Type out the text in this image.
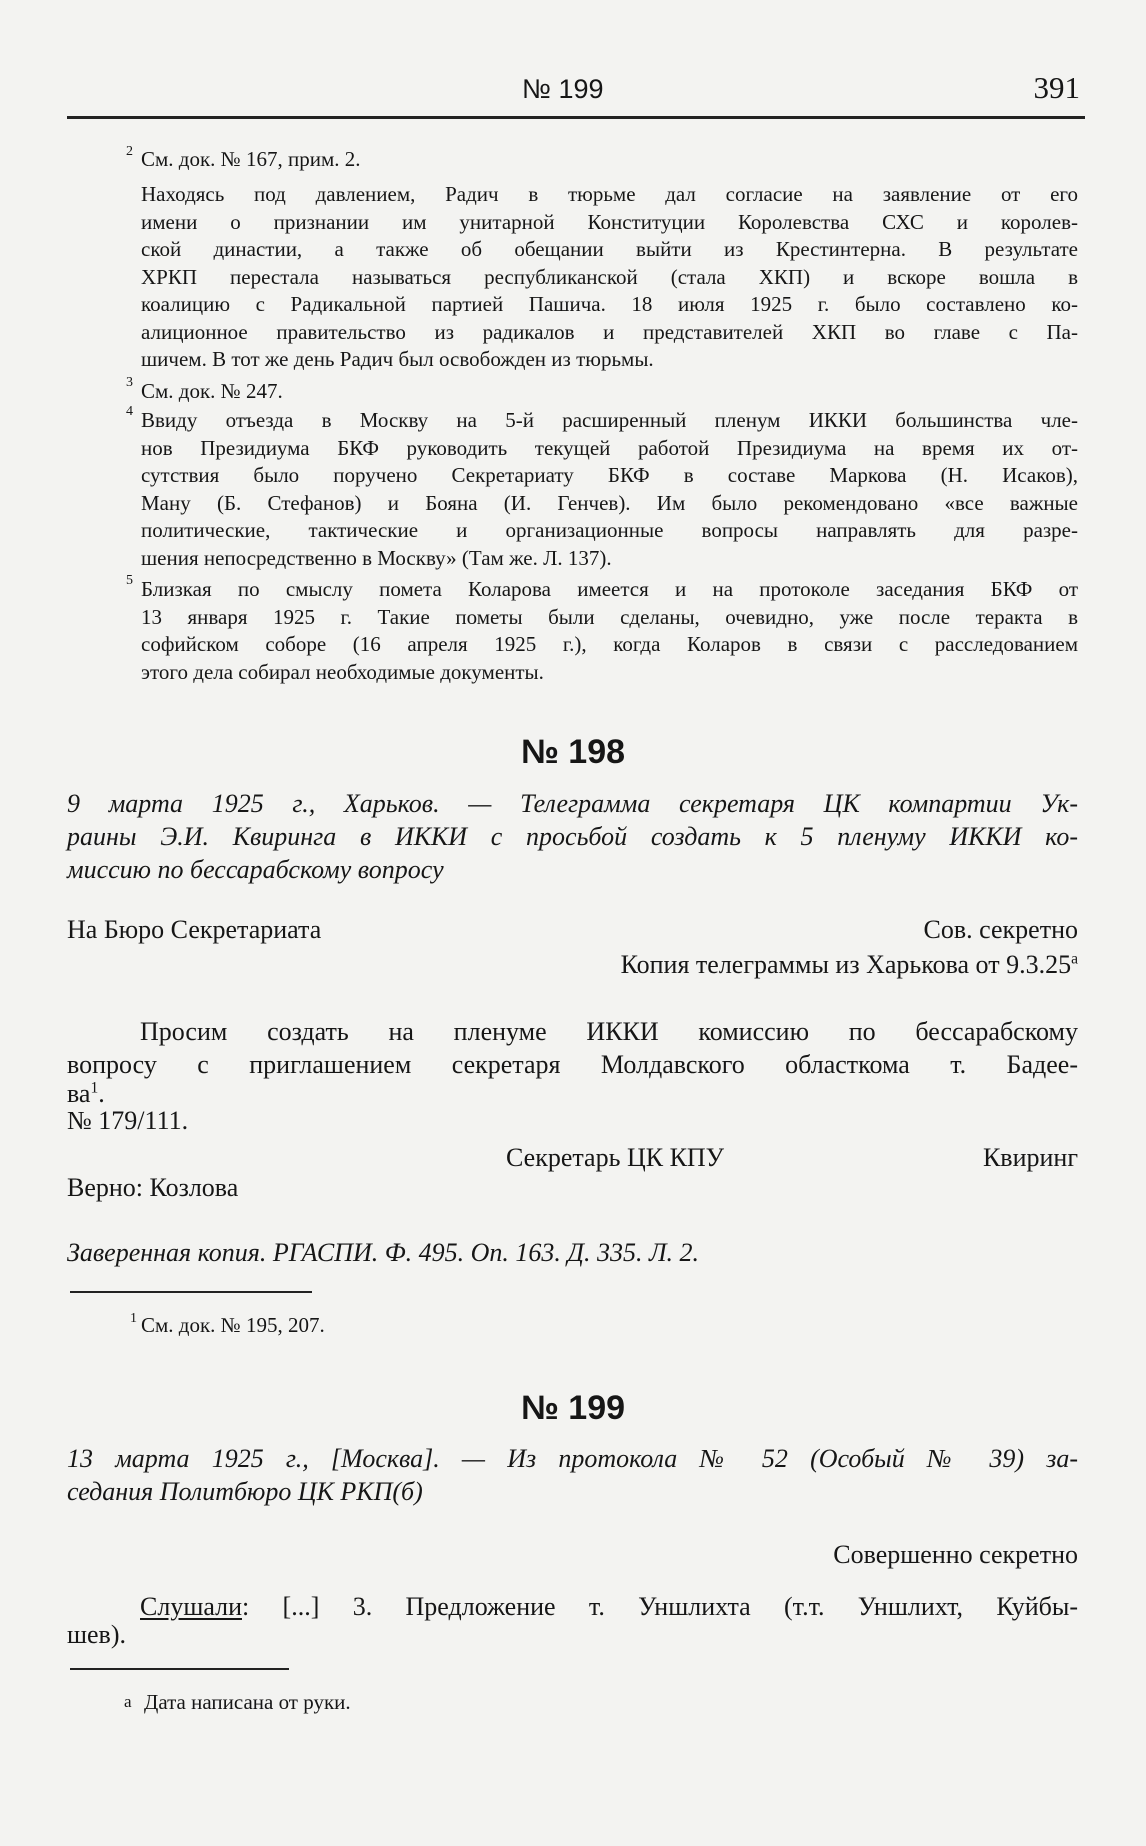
№ 199	391
2 См. док. № 167, прим. 2.
Находясь под давлением, Радич в тюрьме дал согласие на заявление от его
имени о признании им унитарной Конституции Королевства СХС и королев-
ской династии, а также об обещании выйти из Крестинтерна. В результате
ХРКП перестала называться республиканской (стала ХКП) и вскоре вошла в
коалицию с Радикальной партией Пашича. 18 июля 1925 г. было составлено ко-
алиционное правительство из радикалов и представителей ХКП во главе с Па-
шичем. В тот же день Радич был освобожден из тюрьмы.
3 См. док. № 247.
4 Ввиду отъезда в Москву на 5-й расширенный пленум ИККИ большинства чле-
нов Президиума БКФ руководить текущей работой Президиума на время их от-
сутствия было поручено Секретариату БКФ в составе Маркова (Н. Исаков),
Ману (Б. Стефанов) и Бояна (И. Генчев). Им было рекомендовано «все важные
политические, тактические и организационные вопросы направлять для разре-
шения непосредственно в Москву» (Там же. Л. 137).
5 Близкая по смыслу помета Коларова имеется и на протоколе заседания БКФ от
13 января 1925 г. Такие пометы были сделаны, очевидно, уже после теракта в
софийском соборе (16 апреля 1925 г.), когда Коларов в связи с расследованием
этого дела собирал необходимые документы.
№ 198
9 марта 1925 г., Харьков. — Телеграмма секретаря ЦК компартии Ук-
раины Э.И. Квиринга в ИККИ с просьбой создать к 5 пленуму ИККИ ко-
миссию по бессарабскому вопросу
На Бюро Секретариата	Сов. секретно
Копия телеграммы из Харькова от $9.3.25^а$
Просим создать на пленуме ИККИ комиссию по бессарабскому
вопросу с приглашением секретаря Молдавского областкома т. Бадее-
$ва^1$.
№ 179/111.
Секретарь ЦК КПУ	Квиринг
Верно: Козлова
Заверенная копия. РГАСПИ. Ф. 495. Оп. 163. Д. 335. Л. 2.
1 См. док. № 195, 207.
№ 199
13 марта 1925 г., [Москва]. — Из протокола № 52 (Особый № 39) за-
седания Политбюро ЦК РКП(б)
Совершенно секретно
Слушали: [...] 3. Предложение т. Уншлихта (т.т. Уншлихт, Куйбы-
шев).
а Дата написана от руки.
